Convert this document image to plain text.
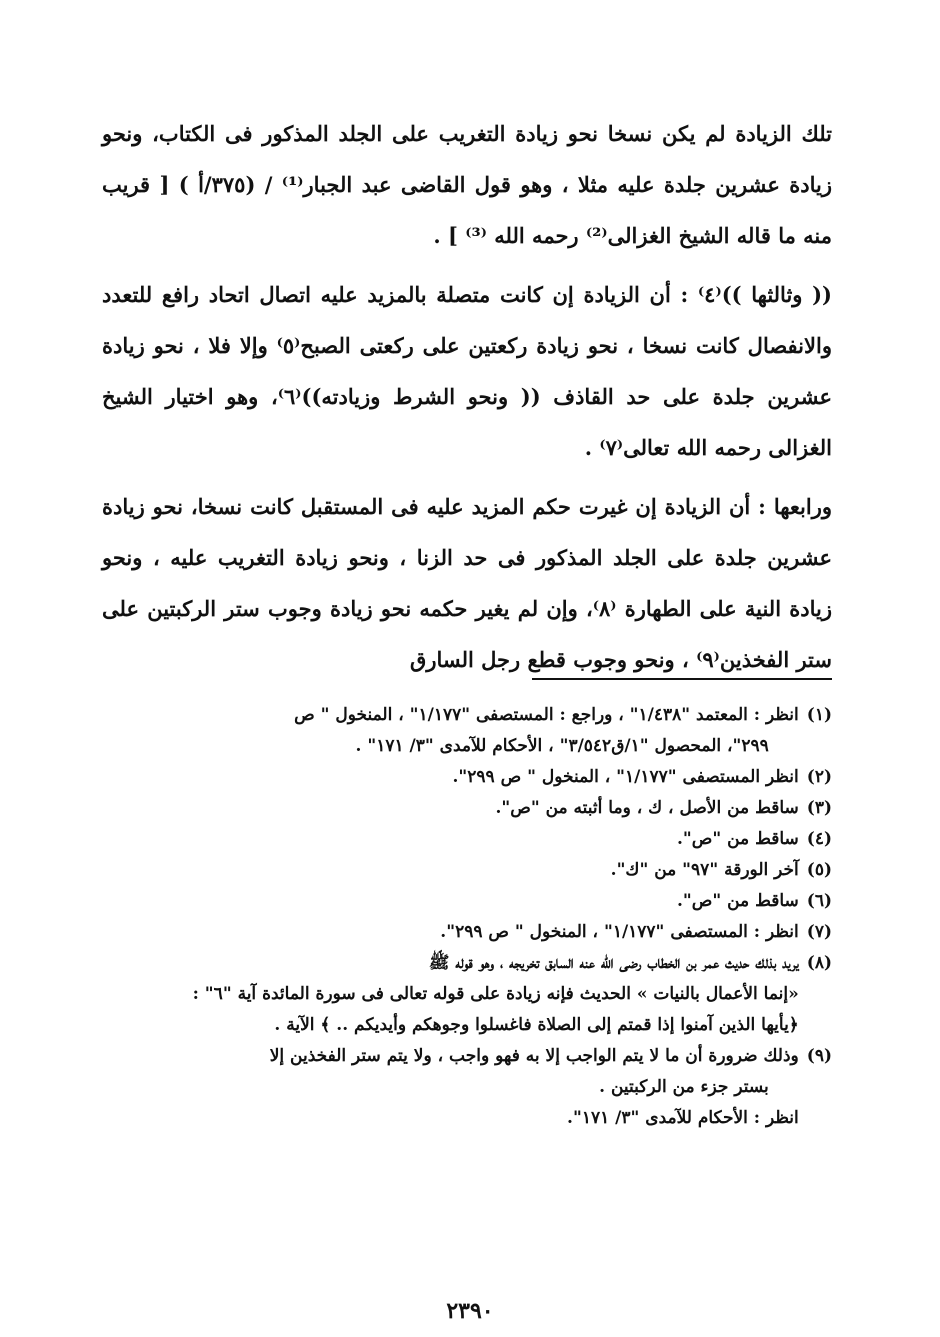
تلك الزيادة لم يكن نسخا نحو زيادة التغريب على الجلد المذكور فى الكتاب، ونحو زيادة عشرين جلدة عليه مثلا ، وهو قول القاضى عبد الجبار⁽¹⁾ / (٣٧٥/أ ) [ قريب منه ما قاله الشيخ الغزالى⁽²⁾ رحمه الله ⁽³⁾ ] .

(( وثالثها ))⁽٤⁾ : أن الزيادة إن كانت متصلة بالمزيد عليه اتصال اتحاد رافع للتعدد والانفصال كانت نسخا ، نحو زيادة ركعتين على ركعتى الصبح⁽٥⁾ وإلا فلا ، نحو زيادة عشرين جلدة على حد القاذف (( ونحو الشرط وزيادته))⁽٦⁾، وهو اختيار الشيخ الغزالى رحمه الله تعالى⁽٧⁾ .

ورابعها : أن الزيادة إن غيرت حكم المزيد عليه فى المستقبل كانت نسخا، نحو زيادة عشرين جلدة على الجلد المذكور فى حد الزنا ، ونحو زيادة التغريب عليه ، ونحو زيادة النية على الطهارة ⁽٨⁾، وإن لم يغير حكمه نحو زيادة وجوب ستر الركبتين على ستر الفخذين⁽٩⁾ ، ونحو وجوب قطع رجل السارق

(١)
انظر : المعتمد "١/٤٣٨" ، وراجع : المستصفى "١/١٧٧" ، المنخول " ص
٢٩٩"، المحصول "١/ق٣/٥٤٢" ، الأحكام للآمدى "٣/ ١٧١" .
(٢)
انظر المستصفى "١/١٧٧" ، المنخول " ص ٢٩٩".
(٣)
ساقط من الأصل ، ك ، وما أثبته من "ص".
(٤)
ساقط من "ص".
(٥)
آخر الورقة "٩٧" من "ك".
(٦)
ساقط من "ص".
(٧)
انظر : المستصفى "١/١٧٧" ، المنخول " ص ٢٩٩".
(٨)
يريد بذلك حديث عمر بن الخطاب رضى الله عنه السابق تخريجه ، وهو قوله ﷺ
«إنما الأعمال بالنيات » الحديث فإنه زيادة على قوله تعالى فى سورة المائدة آية "٦" :
﴿يأيها الذين آمنوا إذا قمتم إلى الصلاة فاغسلوا وجوهكم وأيديكم .. ﴾ الآية .
(٩)
وذلك ضرورة أن ما لا يتم الواجب إلا به فهو واجب ، ولا يتم ستر الفخذين إلا
بستر جزء من الركبتين .
انظر : الأحكام للآمدى "٣/ ١٧١".
٢٣٩٠
